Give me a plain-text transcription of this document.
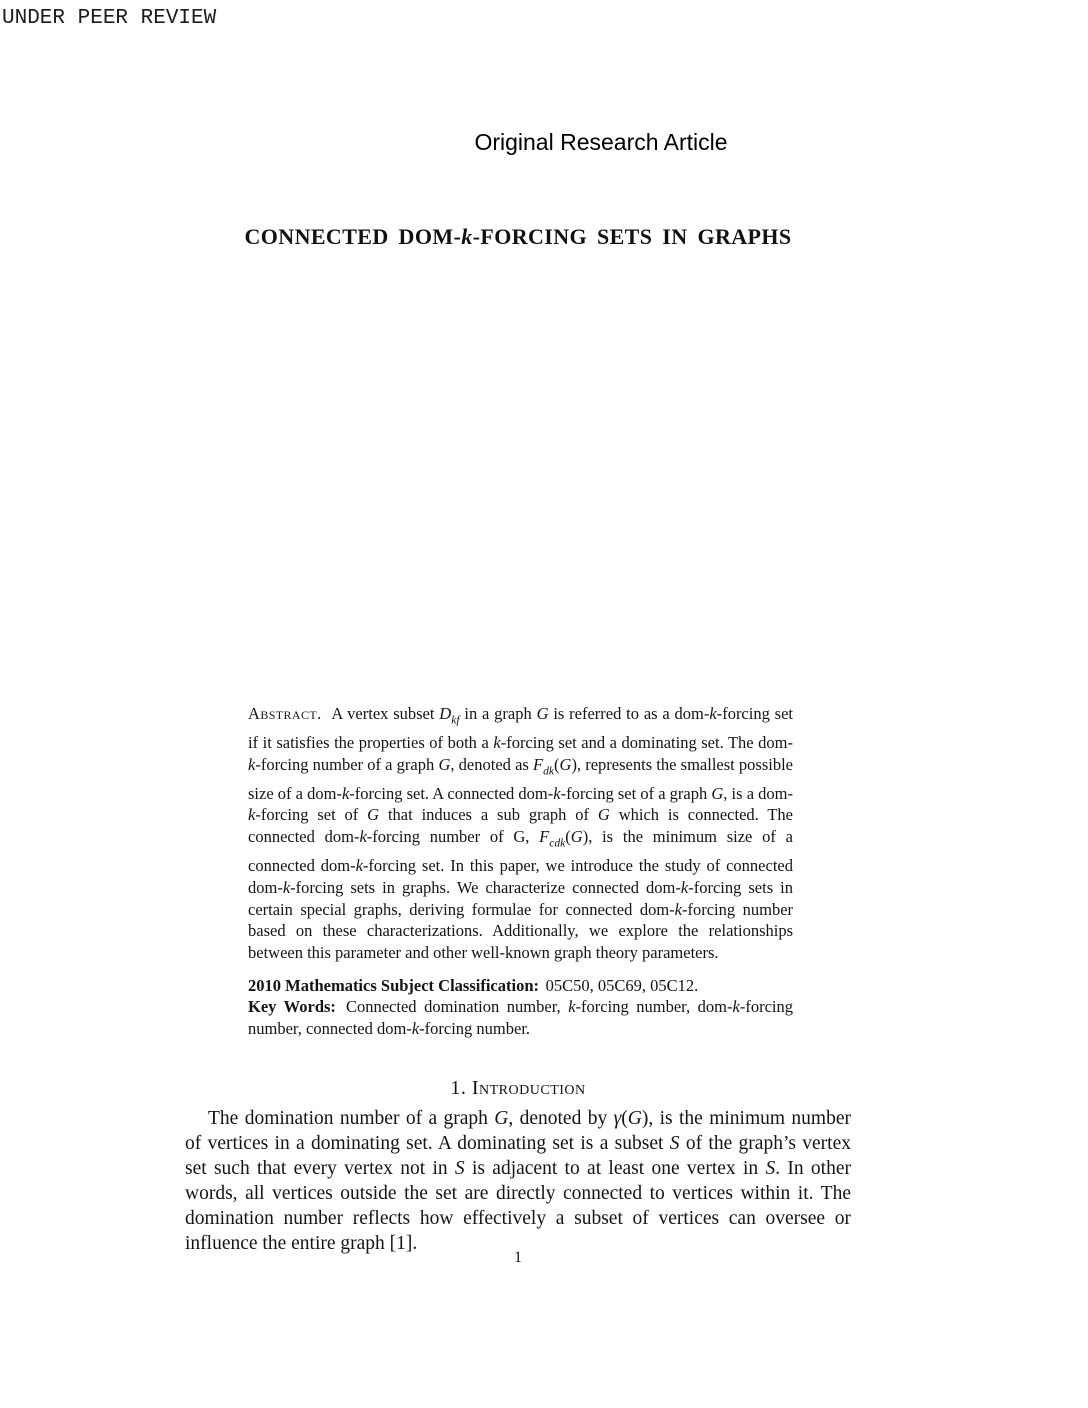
UNDER PEER REVIEW
Original Research Article
CONNECTED DOM-k-FORCING SETS IN GRAPHS

Abstract. A vertex subset $D_{kf}$ in a graph G is referred to as a dom-k-forcing set if it satisfies the properties of both a k-forcing set and a dominating set. The dom-k-forcing number of a graph G, denoted as $F_{dk}(G)$, represents the smallest possible size of a dom-k-forcing set. A connected dom-k-forcing set of a graph G, is a dom-k-forcing set of G that induces a sub graph of G which is connected. The connected dom-k-forcing number of G, $F_{cdk}(G)$, is the minimum size of a connected dom-k-forcing set. In this paper, we introduce the study of connected dom-k-forcing sets in graphs. We characterize connected dom-k-forcing sets in certain special graphs, deriving formulae for connected dom-k-forcing number based on these characterizations. Additionally, we explore the relationships between this parameter and other well-known graph theory parameters.

2010 Mathematics Subject Classification: 05C50, 05C69, 05C12.

Key Words: Connected domination number, k-forcing number, dom-k-forcing number, connected dom-k-forcing number.

1. Introduction

The domination number of a graph G, denoted by γ(G), is the minimum number of vertices in a dominating set. A dominating set is a subset S of the graph’s vertex set such that every vertex not in S is adjacent to at least one vertex in S. In other words, all vertices outside the set are directly connected to vertices within it. The domination number reflects how effectively a subset of vertices can oversee or influence the entire graph [1].

1
